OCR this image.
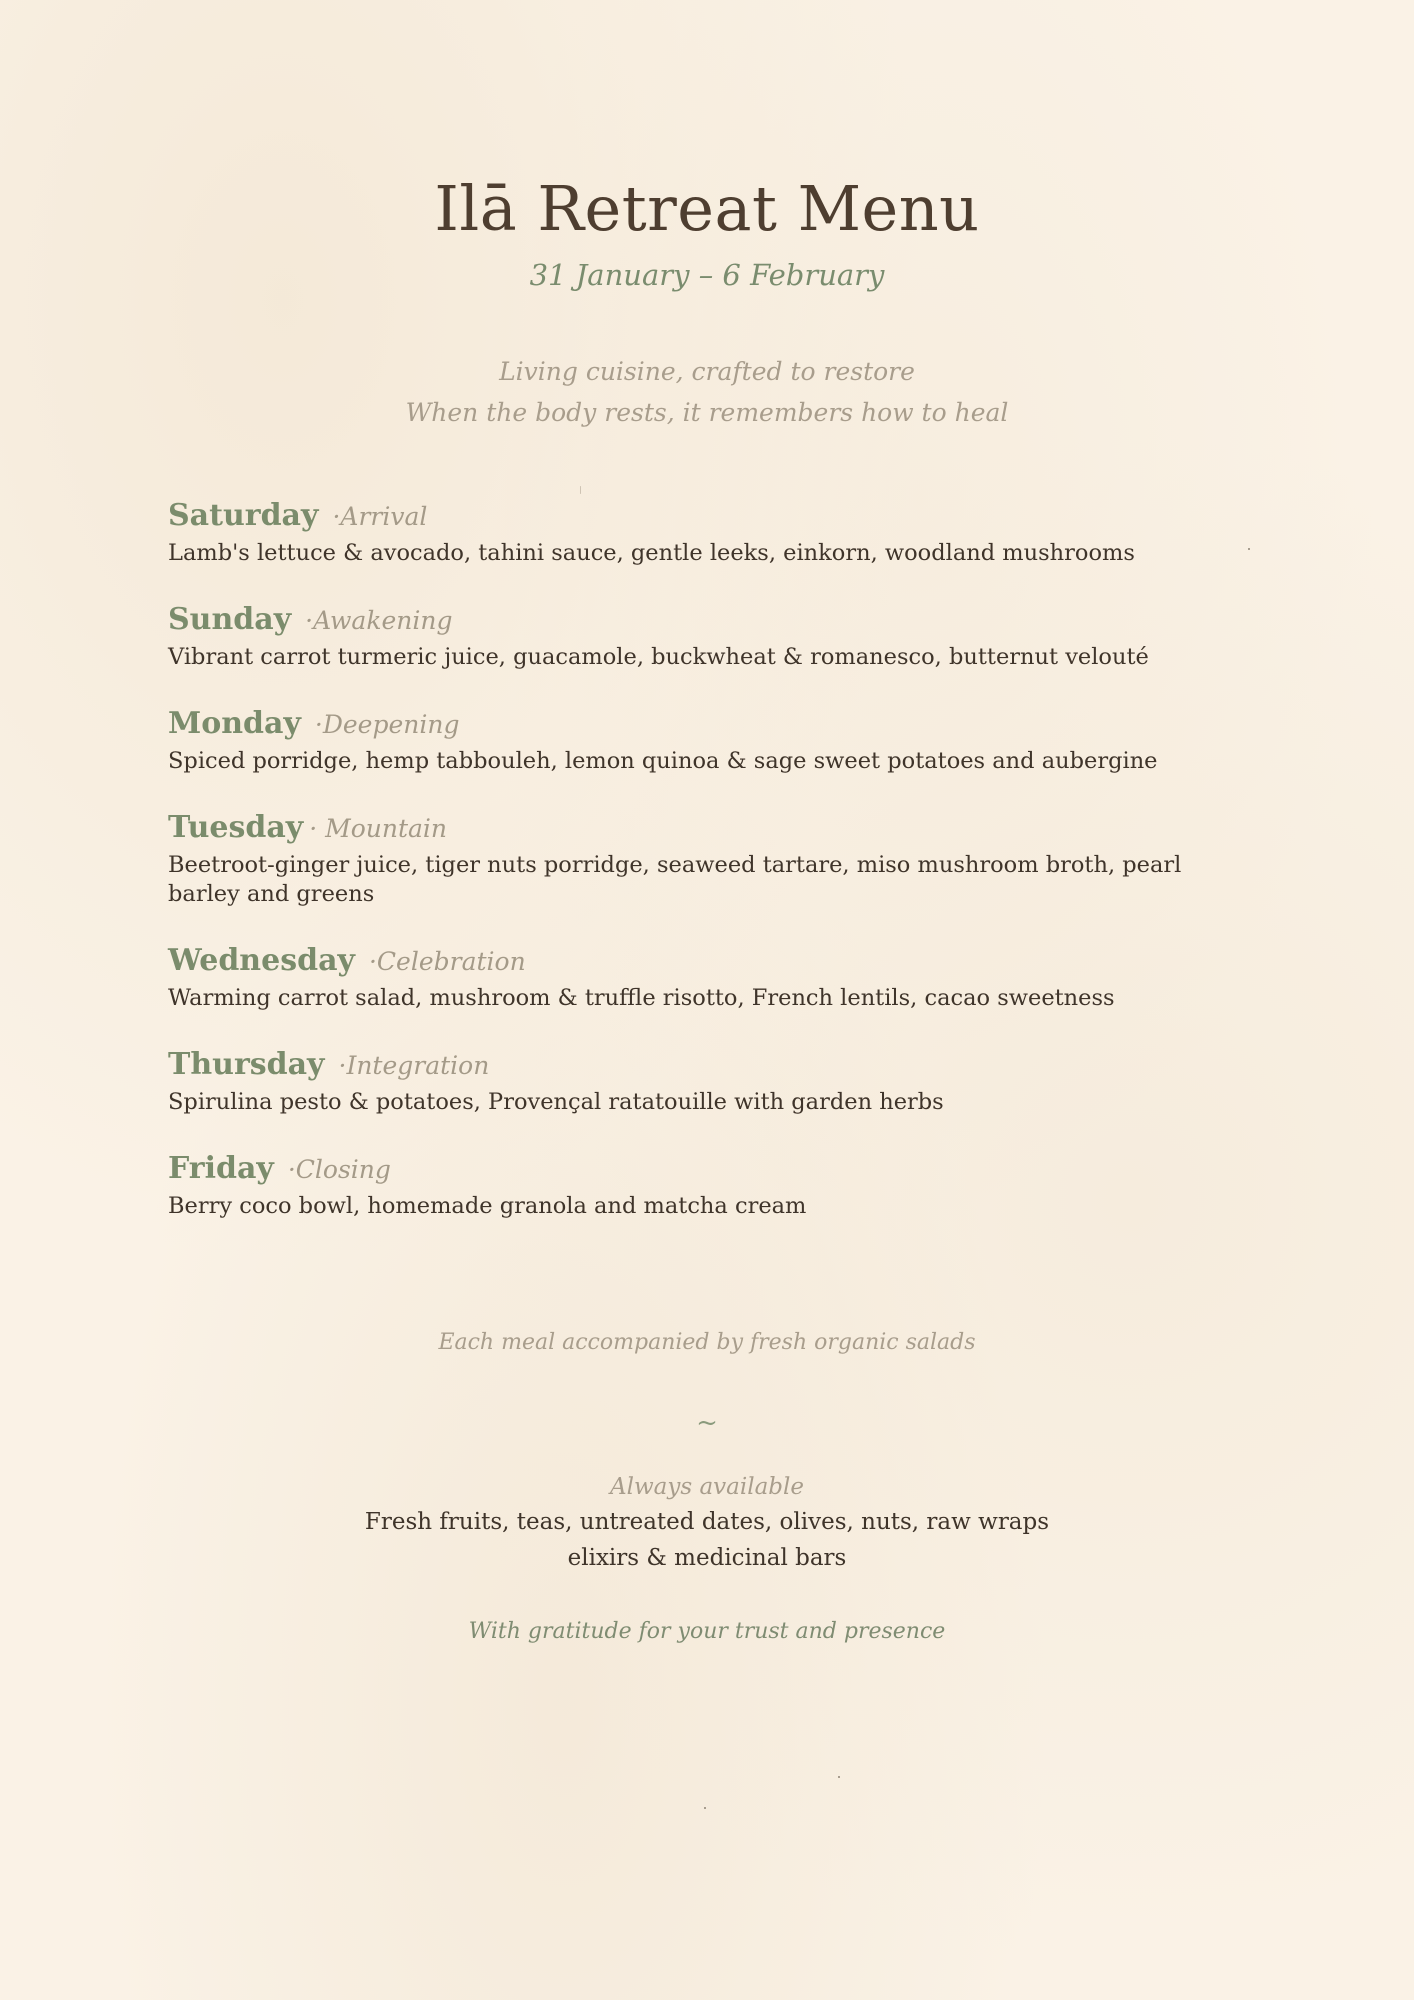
Ilā Retreat Menu
31 January – 6 February
Living cuisine, crafted to restore
When the body rests, it remembers how to heal
Saturday ·Arrival
Lamb's lettuce & avocado, tahini sauce, gentle leeks, einkorn, woodland mushrooms
Sunday ·Awakening
Vibrant carrot turmeric juice, guacamole, buckwheat & romanesco, butternut velouté
Monday ·Deepening
Spiced porridge, hemp tabbouleh, lemon quinoa & sage sweet potatoes and aubergine
Tuesday · Mountain
Beetroot-ginger juice, tiger nuts porridge, seaweed tartare, miso mushroom broth, pearl barley and greens
Wednesday ·Celebration
Warming carrot salad, mushroom & truffle risotto, French lentils, cacao sweetness
Thursday ·Integration
Spirulina pesto & potatoes, Provençal ratatouille with garden herbs
Friday ·Closing
Berry coco bowl, homemade granola and matcha cream
Each meal accompanied by fresh organic salads
~
Always available
Fresh fruits, teas, untreated dates, olives, nuts, raw wraps
elixirs & medicinal bars
With gratitude for your trust and presence
